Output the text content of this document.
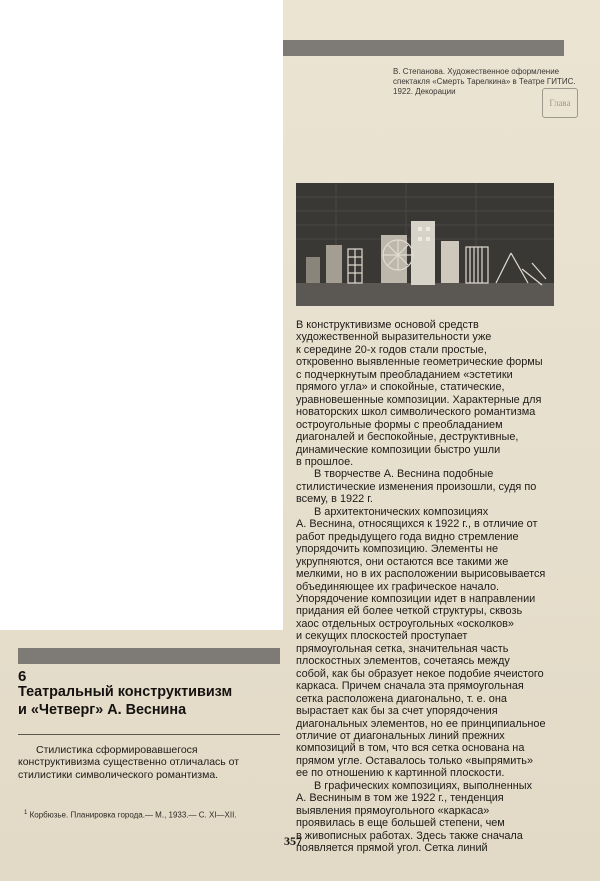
В. Степанова. Художественное оформление
спектакля «Смерть Тарелкина» в Театре ГИТИС.
1922. Декорации
Глава
В конструктивизме основой средств
художественной выразительности уже
к середине 20-х годов стали простые,
откровенно выявленные геометрические формы
с подчеркнутым преобладанием «эстетики
прямого угла» и спокойные, статические,
уравновешенные композиции. Характерные для
новаторских школ символического романтизма
остроугольные формы с преобладанием
диагоналей и беспокойные, деструктивные,
динамические композиции быстро ушли
в прошлое.
В творчестве А. Веснина подобные
стилистические изменения произошли, судя по
всему, в 1922 г.
В архитектонических композициях
А. Веснина, относящихся к 1922 г., в отличие от
работ предыдущего года видно стремление
упорядочить композицию. Элементы не
укрупняются, они остаются все такими же
мелкими, но в их расположении вырисовывается
объединяющее их графическое начало.
Упорядочение композиции идет в направлении
придания ей более четкой структуры, сквозь
хаос отдельных остроугольных «осколков»
и секущих плоскостей проступает
прямоугольная сетка, значительная часть
плоскостных элементов, сочетаясь между
собой, как бы образует некое подобие ячеистого
каркаса. Причем сначала эта прямоугольная
сетка расположена диагонально, т. е. она
вырастает как бы за счет упорядочения
диагональных элементов, но ее принципиальное
отличие от диагональных линий прежних
композиций в том, что вся сетка основана на
прямом угле. Оставалось только «выпрямить»
ее по отношению к картинной плоскости.
В графических композициях, выполненных
А. Весниным в том же 1922 г., тенденция
выявления прямоугольного «каркаса»
проявилась в еще большей степени, чем
в живописных работах. Здесь также сначала
появляется прямой угол. Сетка линий
6
Театральный конструктивизм
и «Четверг» А. Веснина
Стилистика сформировавшегося
конструктивизма существенно отличалась от
стилистики символического романтизма.
$^1$ Корбюзье. Планировка города.— М., 1933.— С. XI—XII.
357
